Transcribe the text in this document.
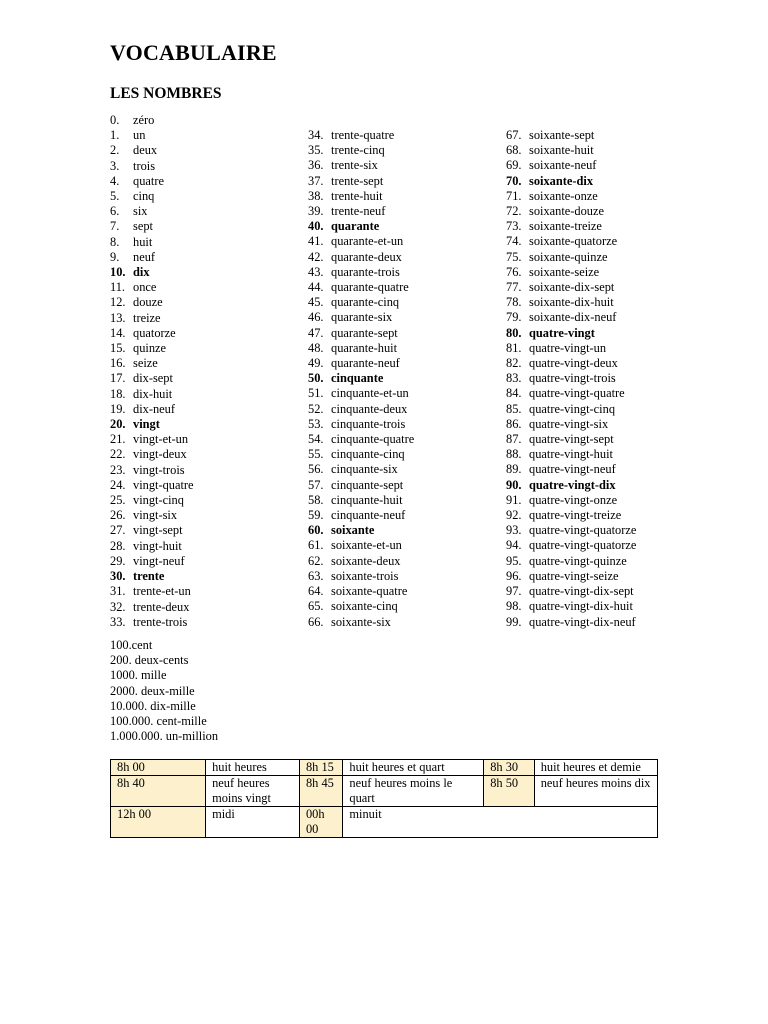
VOCABULAIRE
LES NOMBRES
0.	zéro
1.	un
2.	deux
3.	trois
4.	quatre
5.	cinq
6.	six
7.	sept
8.	huit
9.	neuf
10. dix
11. once
12. douze
13. treize
14. quatorze
15. quinze
16. seize
17. dix-sept
18. dix-huit
19. dix-neuf
20. vingt
21. vingt-et-un
22. vingt-deux
23. vingt-trois
24. vingt-quatre
25. vingt-cinq
26. vingt-six
27. vingt-sept
28. vingt-huit
29. vingt-neuf
30. trente
31. trente-et-un
32. trente-deux
33. trente-trois
34. trente-quatre
35. trente-cinq
36. trente-six
37. trente-sept
38. trente-huit
39. trente-neuf
40. quarante
41. quarante-et-un
42. quarante-deux
43. quarante-trois
44. quarante-quatre
45. quarante-cinq
46. quarante-six
47. quarante-sept
48. quarante-huit
49. quarante-neuf
50. cinquante
51. cinquante-et-un
52. cinquante-deux
53. cinquante-trois
54. cinquante-quatre
55. cinquante-cinq
56. cinquante-six
57. cinquante-sept
58. cinquante-huit
59. cinquante-neuf
60. soixante
61. soixante-et-un
62. soixante-deux
63. soixante-trois
64. soixante-quatre
65. soixante-cinq
66. soixante-six
67. soixante-sept
68. soixante-huit
69. soixante-neuf
70. soixante-dix
71. soixante-onze
72. soixante-douze
73. soixante-treize
74. soixante-quatorze
75. soixante-quinze
76. soixante-seize
77. soixante-dix-sept
78. soixante-dix-huit
79. soixante-dix-neuf
80. quatre-vingt
81. quatre-vingt-un
82. quatre-vingt-deux
83. quatre-vingt-trois
84. quatre-vingt-quatre
85. quatre-vingt-cinq
86. quatre-vingt-six
87. quatre-vingt-sept
88. quatre-vingt-huit
89. quatre-vingt-neuf
90. quatre-vingt-dix
91. quatre-vingt-onze
92. quatre-vingt-treize
93. quatre-vingt-quatorze
94. quatre-vingt-quatorze
95. quatre-vingt-quinze
96. quatre-vingt-seize
97. quatre-vingt-dix-sept
98. quatre-vingt-dix-huit
99. quatre-vingt-dix-neuf
100.cent
200. deux-cents
1000. mille
2000. deux-mille
10.000. dix-mille
100.000. cent-mille
1.000.000. un-million
8h 00	huit heures	8h 15	huit heures et quart	8h 30	huit heures et demie
8h 40	neuf heures moins vingt	8h 45	neuf heures moins le quart	8h 50	neuf heures moins dix
12h 00	midi	00h 00	minuit		
